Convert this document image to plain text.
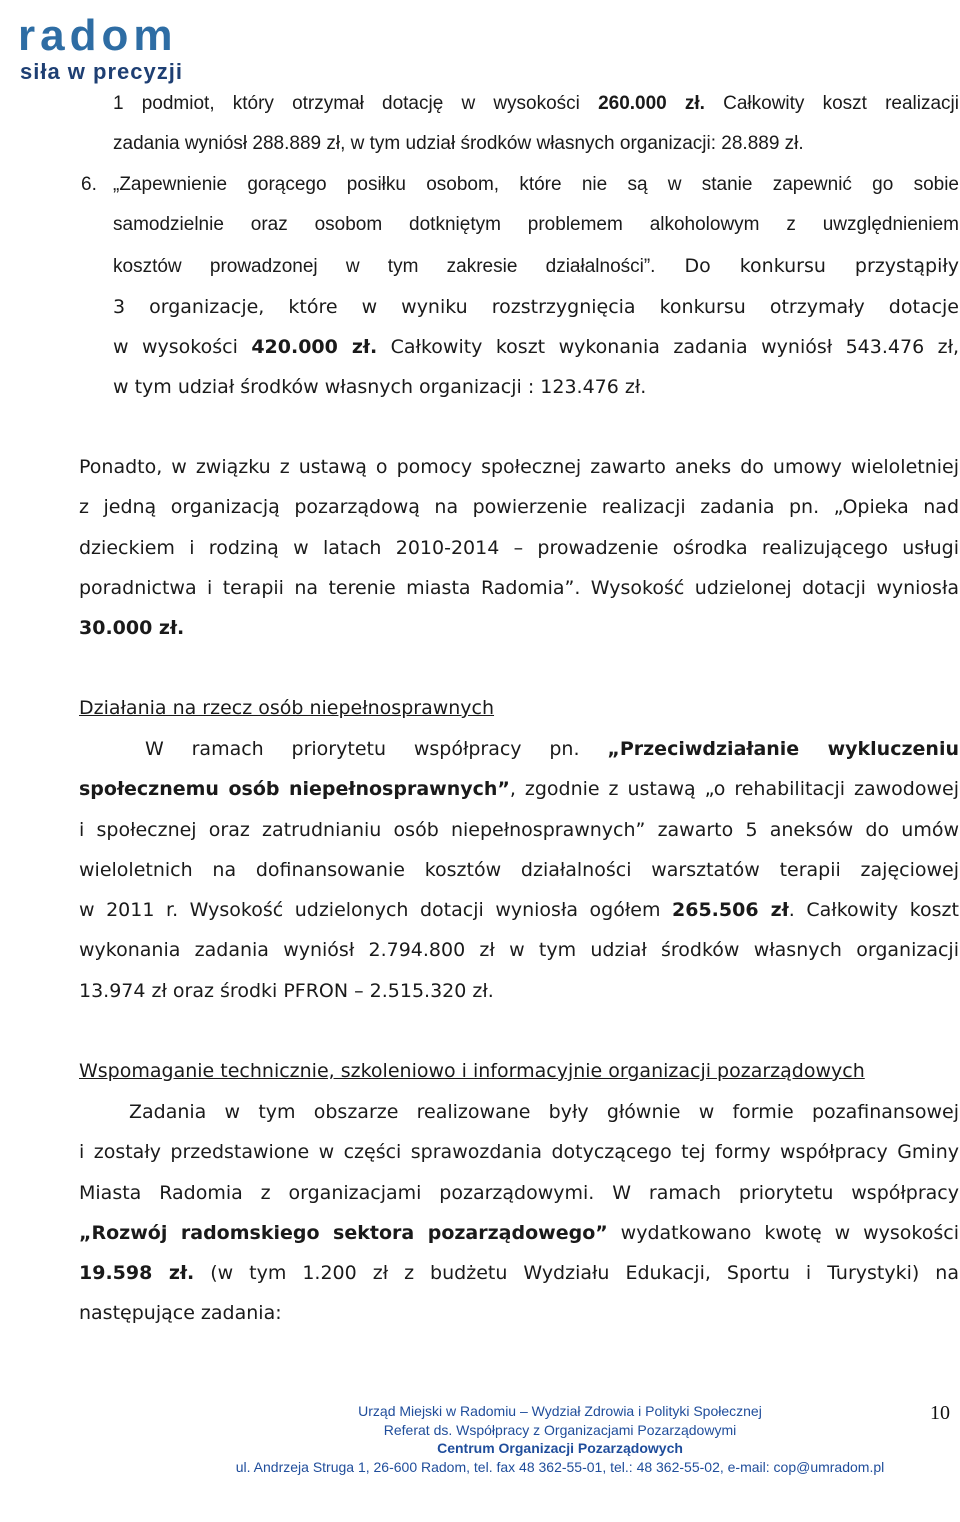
radom
siła w precyzji
1 podmiot, który otrzymał dotację w wysokości 260.000 zł. Całkowity koszt realizacji
zadania wyniósł 288.889 zł, w tym udział środków własnych organizacji: 28.889 zł.
6. „Zapewnienie gorącego posiłku osobom, które nie są w stanie zapewnić go sobie
samodzielnie oraz osobom dotkniętym problemem alkoholowym z uwzględnieniem
kosztów prowadzonej w tym zakresie działalności”. Do konkursu przystąpiły
3 organizacje, które w wyniku rozstrzygnięcia konkursu otrzymały dotacje
w wysokości 420.000 zł. Całkowity koszt wykonania zadania wyniósł 543.476 zł,
w tym udział środków własnych organizacji : 123.476 zł.
Ponadto, w związku z ustawą o pomocy społecznej zawarto aneks do umowy wieloletniej
z jedną organizacją pozarządową na powierzenie realizacji zadania pn. „Opieka nad
dzieckiem i rodziną w latach 2010-2014 – prowadzenie ośrodka realizującego usługi
poradnictwa i terapii na terenie miasta Radomia”. Wysokość udzielonej dotacji wyniosła
30.000 zł.
Działania na rzecz osób niepełnosprawnych
W ramach priorytetu współpracy pn. „Przeciwdziałanie wykluczeniu
społecznemu osób niepełnosprawnych”, zgodnie z ustawą „o rehabilitacji zawodowej
i społecznej oraz zatrudnianiu osób niepełnosprawnych” zawarto 5 aneksów do umów
wieloletnich na dofinansowanie kosztów działalności warsztatów terapii zajęciowej
w 2011 r. Wysokość udzielonych dotacji wyniosła ogółem 265.506 zł. Całkowity koszt
wykonania zadania wyniósł 2.794.800 zł w tym udział środków własnych organizacji
13.974 zł oraz środki PFRON – 2.515.320 zł.
Wspomaganie technicznie, szkoleniowo i informacyjnie organizacji pozarządowych
Zadania w tym obszarze realizowane były głównie w formie pozafinansowej
i zostały przedstawione w części sprawozdania dotyczącego tej formy współpracy Gminy
Miasta Radomia z organizacjami pozarządowymi. W ramach priorytetu współpracy
„Rozwój radomskiego sektora pozarządowego” wydatkowano kwotę w wysokości
19.598 zł. (w tym 1.200 zł z budżetu Wydziału Edukacji, Sportu i Turystyki) na
następujące zadania:
Urząd Miejski w Radomiu – Wydział Zdrowia i Polityki Społecznej
Referat ds. Współpracy z Organizacjami Pozarządowymi
Centrum Organizacji Pozarządowych
ul. Andrzeja Struga 1, 26-600 Radom, tel. fax 48 362-55-01, tel.: 48 362-55-02, e-mail: cop@umradom.pl
10
